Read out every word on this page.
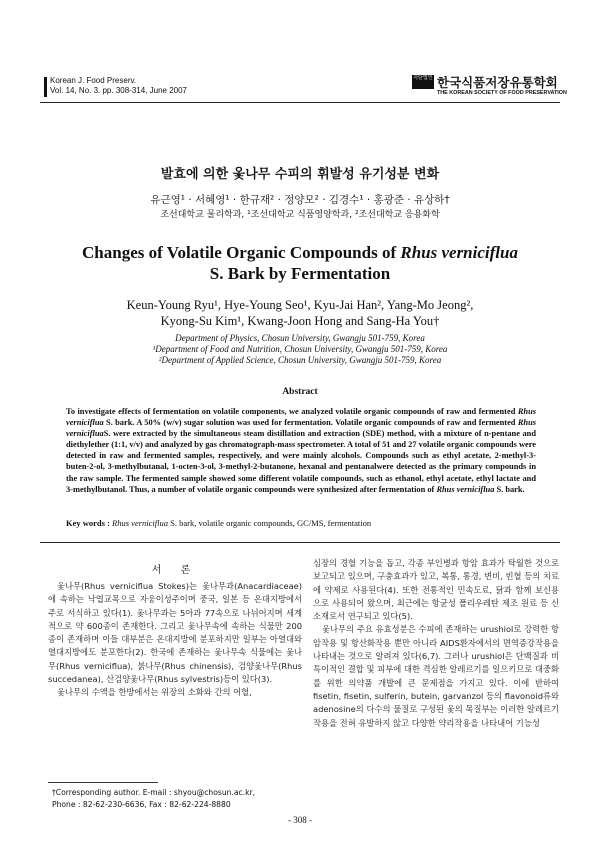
Korean J. Food Preserv.
Vol. 14, No. 3. pp. 308-314, June 2007
사단법인 한국식품저장유통학회
THE KOREAN SOCIETY OF FOOD PRESERVATION
발효에 의한 옻나무 수피의 휘발성 유기성분 변화
유근영¹ · 서혜영¹ · 한규재² · 정양모² · 김경수¹ · 홍광준 · 유상하†
조선대학교 물리학과, ¹조선대학교 식품영양학과, ²조선대학교 응용화학
Changes of Volatile Organic Compounds of Rhus verniciflua
S. Bark by Fermentation
Keun-Young Ryu¹, Hye-Young Seo¹, Kyu-Jai Han², Yang-Mo Jeong²,
Kyong-Su Kim¹, Kwang-Joon Hong and Sang-Ha You†
Department of Physics, Chosun University, Gwangju 501-759, Korea
¹Department of Food and Nutrition, Chosun University, Gwangju 501-759, Korea
²Department of Applied Science, Chosun University, Gwangju 501-759, Korea
Abstract
To investigate effects of fermentation on volatile components, we analyzed volatile organic compounds of raw and fermented Rhus verniciflua S. bark. A 50% (w/v) sugar solution was used for fermentation. Volatile organic compounds of raw and fermented Rhus vernicifluaS. were extracted by the simultaneous steam distillation and extraction (SDE) method, with a mixture of n-pentane and diethylether (1:1, v/v) and analyzed by gas chromatograph-mass spectrometer. A total of 51 and 27 volatile organic compounds were detected in raw and fermented samples, respectively, and were mainly alcohols. Compounds such as ethyl acetate, 2-methyl-3-buten-2-ol, 3-methylbutanal, 1-octen-3-ol, 3-methyl-2-butanone, hexanal and pentanalwere detected as the primary compounds in the raw sample. The fermented sample showed some different volatile compounds, such as ethanol, ethyl acetate, ethyl lactate and 3-methylbutanol. Thus, a number of volatile organic compounds were synthesized after fermentation of Rhus verniciflua S. bark.
Key words : Rhus verniciflua S. bark, volatile organic compounds, GC/MS, fermentation
서 론

옻나무(Rhus verniciflua Stokes)는 옻나무과(Anacardiaceae)에 속하는 낙엽교목으로 자웅이성주이며 중국, 일본 등 온대지방에서 주로 서식하고 있다(1). 옻나무과는 5아과 77속으로 나뉘어지며 세계적으로 약 600종이 존재한다. 그리고 옻나무속에 속하는 식물만 200종이 존재하며 이들 대부분은 온대지방에 분포하지만 일부는 아열대와 열대지방에도 분포한다(2). 한국에 존재하는 옻나무속 식물에는 옻나무(Rhus verniciflua), 붉나무(Rhus chinensis), 검양옻나무(Rhus succedanea), 산검양옻나무(Rhus sylvestris)등이 있다(3).

옻나무의 수액을 한방에서는 위장의 소화와 간의 어혈,

심장의 경혈 기능을 돕고, 각종 부인병과 항암 효과가 탁월한 것으로 보고되고 있으며, 구충효과가 있고, 복통, 통경, 변비, 빈혈 등의 치료에 약제로 사용된다(4). 또한 전통적인 민속도료, 닭과 함께 보신용으로 사용되어 왔으며, 최근에는 항균성 폴리우레탄 제조 원료 등 신소재로서 연구되고 있다(5).

옻나무의 주요 유효성분은 수피에 존재하는 urushiol로 강력한 항암작용 및 항산화작용 뿐만 아니라 AIDS환자에서의 면역증강작용을 나타내는 것으로 알려져 있다(6,7). 그러나 urushiol은 단백질과 비 특이적인 결합 및 피부에 대한 격심한 알레르기를 일으키므로 대중화를 위한 의약품 개발에 큰 문제점을 가지고 있다. 이에 반하여 fisetin, fisetin, sulferin, butein, garvanzol 등의 flavonoid류와 adenosine의 다수의 물질로 구성된 옻의 목질부는 이러한 알레르기 작용을 전혀 유발하지 않고 다양한 약리작용을 나타내어 기능성

†Corresponding author. E-mail : shyou@chosun.ac.kr,
Phone : 82-62-230-6636, Fax : 82-62-224-8880
- 308 -
